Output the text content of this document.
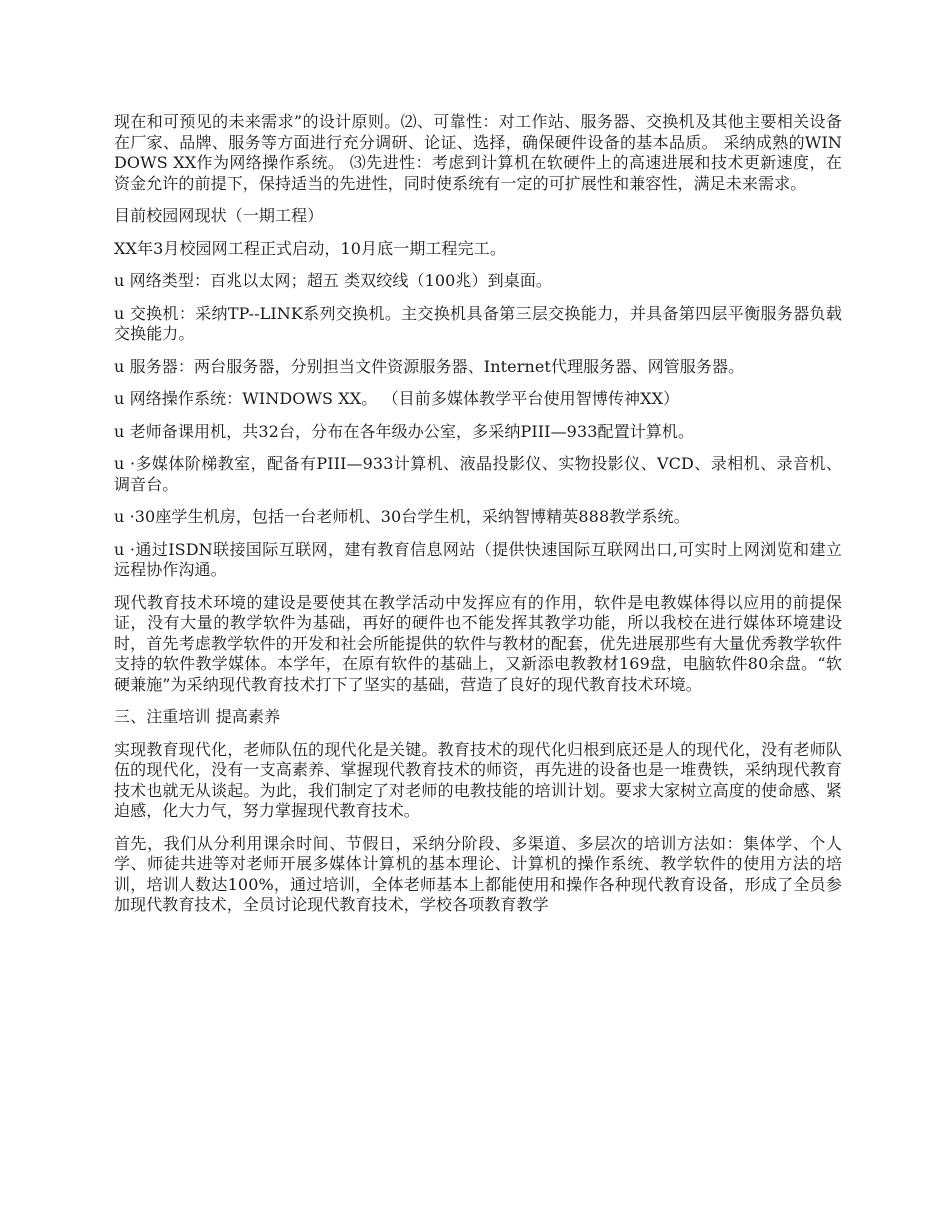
现在和可预见的未来需求”的设计原则。⑵、可靠性：对工作站、服务器、交换机及其他主要相关设备在厂家、品牌、服务等方面进行充分调研、论证、选择，确保硬件设备的基本品质。 采纳成熟的WINDOWS XX作为网络操作系统。 ⑶先进性：考虑到计算机在软硬件上的高速进展和技术更新速度，在资金允许的前提下，保持适当的先进性，同时使系统有一定的可扩展性和兼容性，满足未来需求。

目前校园网现状（一期工程）

XX年3月校园网工程正式启动，10月底一期工程完工。

u 网络类型：百兆以太网；超五 类双绞线（100兆）到桌面。

u 交换机：采纳TP--LINK系列交换机。主交换机具备第三层交换能力，并具备第四层平衡服务器负载交换能力。

u 服务器：两台服务器，分别担当文件资源服务器、Internet代理服务器、网管服务器。

u 网络操作系统：WINDOWS XX。 （目前多媒体教学平台使用智博传神XX）

u 老师备课用机，共32台，分布在各年级办公室，多采纳PIII—933配置计算机。

u ·多媒体阶梯教室，配备有PIII—933计算机、液晶投影仪、实物投影仪、VCD、录相机、录音机、调音台。

u ·30座学生机房，包括一台老师机、30台学生机，采纳智博精英888教学系统。

u ·通过ISDN联接国际互联网，建有教育信息网站（提供快速国际互联网出口,可实时上网浏览和建立远程协作沟通。

现代教育技术环境的建设是要使其在教学活动中发挥应有的作用，软件是电教媒体得以应用的前提保证，没有大量的教学软件为基础，再好的硬件也不能发挥其教学功能，所以我校在进行媒体环境建设时，首先考虑教学软件的开发和社会所能提供的软件与教材的配套，优先进展那些有大量优秀教学软件支持的软件教学媒体。本学年，在原有软件的基础上，又新添电教教材169盘，电脑软件80余盘。“软硬兼施”为采纳现代教育技术打下了坚实的基础，营造了良好的现代教育技术环境。

三、注重培训 提高素养

实现教育现代化，老师队伍的现代化是关键。教育技术的现代化归根到底还是人的现代化，没有老师队伍的现代化，没有一支高素养、掌握现代教育技术的师资，再先进的设备也是一堆费铁，采纳现代教育技术也就无从谈起。为此，我们制定了对老师的电教技能的培训计划。要求大家树立高度的使命感、紧迫感，化大力气，努力掌握现代教育技术。

首先，我们从分利用课余时间、节假日，采纳分阶段、多渠道、多层次的培训方法如：集体学、个人学、师徒共进等对老师开展多媒体计算机的基本理论、计算机的操作系统、教学软件的使用方法的培训，培训人数达100%，通过培训，全体老师基本上都能使用和操作各种现代教育设备，形成了全员参加现代教育技术，全员讨论现代教育技术，学校各项教育教学
